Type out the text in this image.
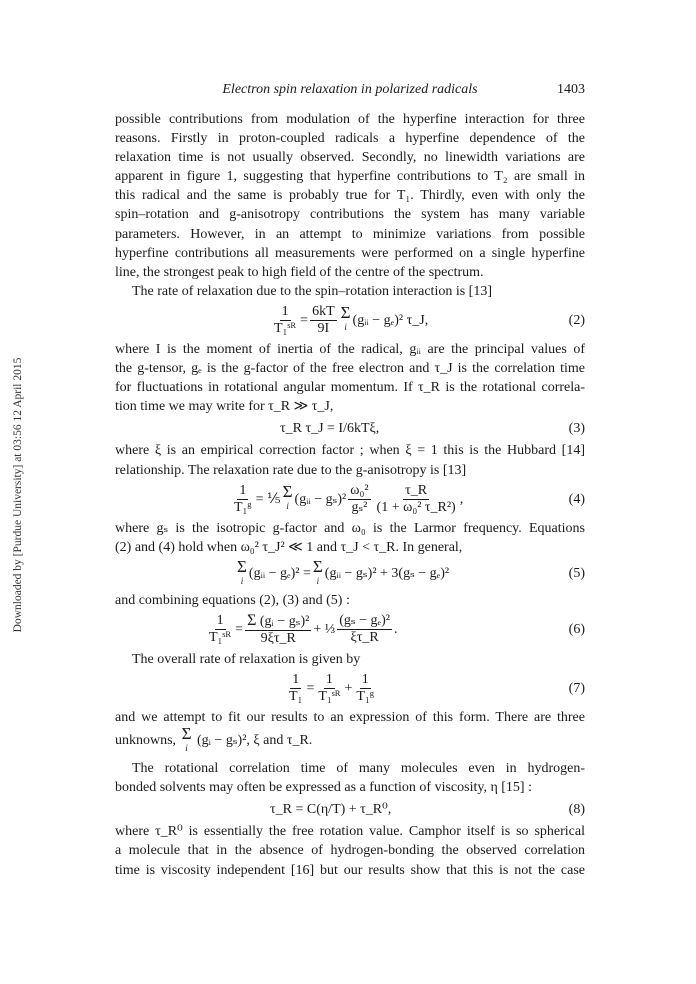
Downloaded by [Purdue University] at 03:56 12 April 2015
Electron spin relaxation in polarized radicals	1403
possible contributions from modulation of the hyperfine interaction for three
reasons. Firstly in proton-coupled radicals a hyperfine dependence of the
relaxation time is not usually observed. Secondly, no linewidth variations are
apparent in figure 1, suggesting that hyperfine contributions to T₂ are small in
this radical and the same is probably true for T₁. Thirdly, even with only the
spin–rotation and g-anisotropy contributions the system has many variable
parameters. However, in an attempt to minimize variations from possible
hyperfine contributions all measurements were performed on a single hyperfine
line, the strongest peak to high field of the centre of the spectrum.
The rate of relaxation due to the spin–rotation interaction is [13]
$\frac{1}{\text{T₁ˢᴿ}} = \frac{6kT}{9I}$ Σ
i (gᵢᵢ − gₑ)² τ_J,	(2)
where I is the moment of inertia of the radical, gᵢᵢ are the principal values of
the g-tensor, gₑ is the g-factor of the free electron and τ_J is the correlation time
for fluctuations in rotational angular momentum. If τ_R is the rotational correla-
tion time we may write for τ_R ≫ τ_J,
τ_R τ_J = I/6kTξ,	(3)
where ξ is an empirical correction factor ; when ξ = 1 this is the Hubbard [14]
relationship. The relaxation rate due to the g-anisotropy is [13]
$\frac{1}{\text{T₁ᵍ}}$ = ⅕ Σ
i (gᵢᵢ − gₛ)²
ω₀²
gₛ²
τ_R
(1 + ω₀² τ_R²)
,	(4)
where gₛ is the isotropic g-factor and ω₀ is the Larmor frequency. Equations
(2) and (4) hold when ω₀² τ_J² ≪ 1 and τ_J < τ_R. In general,
Σ
i (gᵢᵢ − gₑ)² = Σ
i (gᵢᵢ − gₛ)² + 3(gₛ − gₑ)²	(5)
and combining equations (2), (3) and (5) :
$\frac{1}{\text{T₁ˢᴿ}} = \frac{\text{Σ (gᵢ − gₛ)²}}{9\xi\tau\_R}$ + ⅓
(gₛ − gₑ)²
ξτ_R
.	(6)
The overall rate of relaxation is given by
$\frac{1}{\text{T₁}} = \frac{1}{\text{T₁ˢᴿ}} + \frac{1}{\text{T₁ᵍ}}$	(7)
and we attempt to fit our results to an expression of this form. There are three
unknowns, Σ
i (gᵢ − gₛ)², ξ and τ_R.
The rotational correlation time of many molecules even in hydrogen-
bonded solvents may often be expressed as a function of viscosity, η [15] :
τ_R = C(η/T) + τ_R⁰,	(8)
where τ_R⁰ is essentially the free rotation value. Camphor itself is so spherical
a molecule that in the absence of hydrogen-bonding the observed correlation
time is viscosity independent [16] but our results show that this is not the case
